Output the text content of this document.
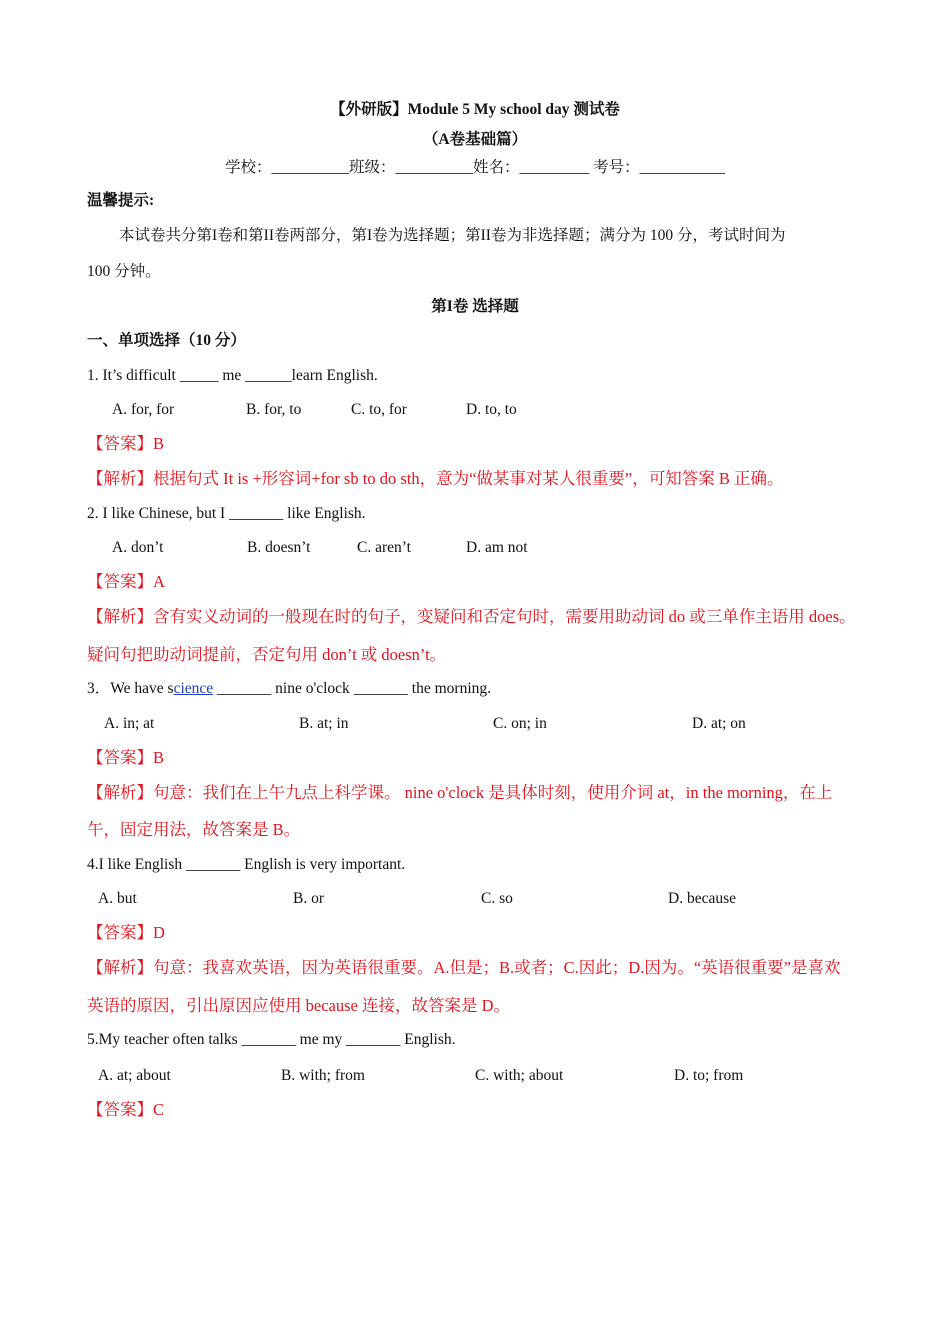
【外研版】Module 5 My school day 测试卷
（A卷基础篇）
学校：__________班级：__________姓名：_________ 考号：___________
温馨提示:
本试卷共分第I卷和第II卷两部分，第I卷为选择题；第II卷为非选择题；满分为 100 分，考试时间为
100 分钟。
第I卷 选择题
一、单项选择（10 分）
1. It’s difficult _____ me ______learn English.
A. for, for	B. for, to	C. to, for	D. to, to
【答案】B
【解析】根据句式 It is +形容词+for sb to do sth，意为“做某事对某人很重要”，可知答案 B 正确。
2. I like Chinese, but I _______ like English.
A. don’t	B. doesn’t	C. aren’t	D. am not
【答案】A
【解析】含有实义动词的一般现在时的句子，变疑问和否定句时，需要用助动词 do 或三单作主语用 does。
疑问句把助动词提前，否定句用 don’t 或 doesn’t。
3．We have science _______ nine o'clock _______ the morning.
A. in; at	B. at; in	C. on; in	D. at; on
【答案】B
【解析】句意：我们在上午九点上科学课。 nine o'clock 是具体时刻，使用介词 at，in the morning，在上
午，固定用法，故答案是 B。
4.I like English _______ English is very important.
A. but	B. or	C. so	D. because
【答案】D
【解析】句意：我喜欢英语，因为英语很重要。A.但是；B.或者；C.因此；D.因为。“英语很重要”是喜欢
英语的原因，引出原因应使用 because 连接，故答案是 D。
5.My teacher often talks _______ me my _______ English.
A. at; about	B. with; from	C. with; about	D. to; from
【答案】C
